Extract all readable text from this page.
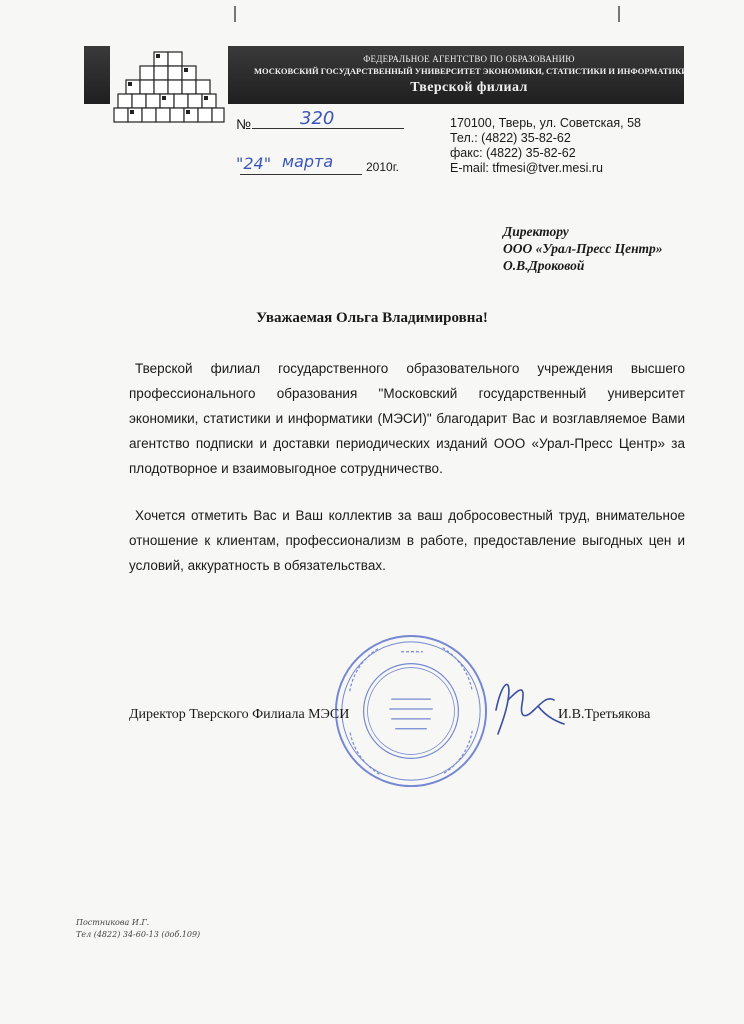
ФЕДЕРАЛЬНОЕ АГЕНТСТВО ПО ОБРАЗОВАНИЮ
МОСКОВСКИЙ ГОСУДАРСТВЕННЫЙ УНИВЕРСИТЕТ ЭКОНОМИКИ, СТАТИСТИКИ И ИНФОРМАТИКИ
Тверской филиал
№	320
"24" марта	2010г.
170100, Тверь, ул. Советская, 58
Тел.: (4822) 35-82-62
факс: (4822) 35-82-62
E-mail: tfmesi@tver.mesi.ru
Директору
ООО «Урал-Пресс Центр»
О.В.Дроковой
Уважаемая Ольга Владимировна!
Тверской филиал государственного образовательного учреждения высшего профессионального образования "Московский государственный университет экономики, статистики и информатики (МЭСИ)" благодарит Вас и возглавляемое Вами агентство подписки и доставки периодических изданий ООО «Урал-Пресс Центр» за плодотворное и взаимовыгодное сотрудничество.
Хочется отметить Вас и Ваш коллектив за ваш добросовестный труд, внимательное отношение к клиентам, профессионализм в работе, предоставление выгодных цен и условий, аккуратность в обязательствах.
Директор Тверского Филиала МЭСИ	И.В.Третьякова
Постникова И.Г.
Тел (4822) 34-60-13 (доб.109)
